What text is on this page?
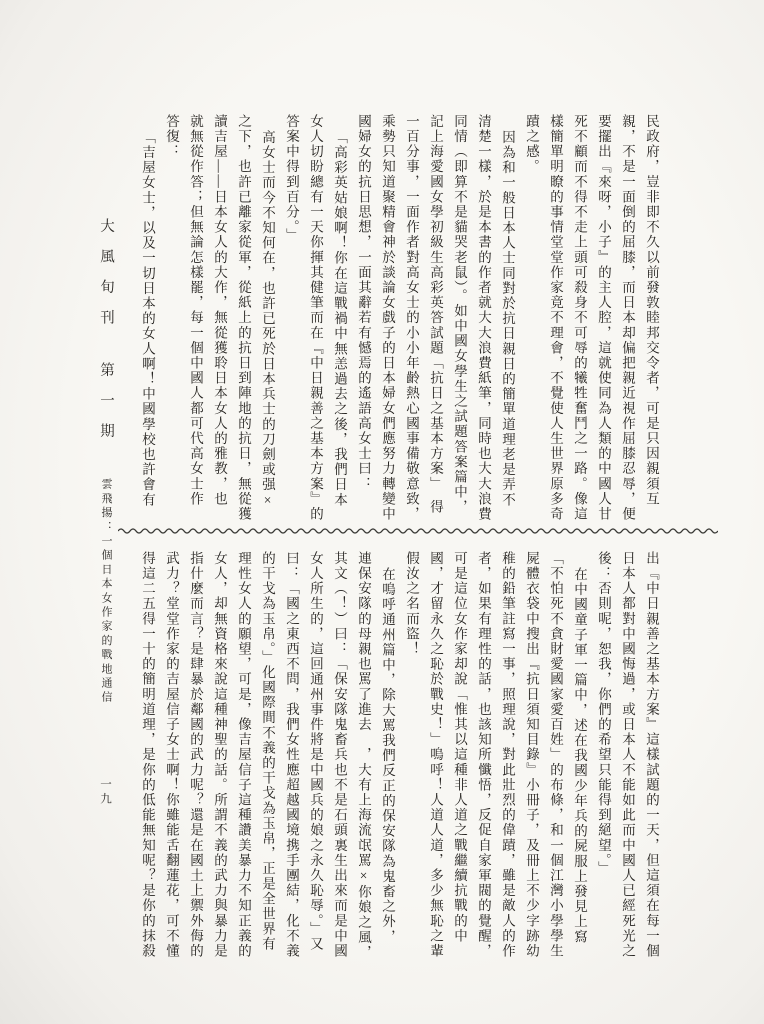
大風旬刊 第一期 雲飛揚：一個日本女作家的戰地通信
一九
民政府，豈非即不久以前發敦睦邦交令者，可是只因親須互
親，不是一面倒的屈膝，而日本却偏把親近視作屈膝忍辱，便
要擺出『來呀，小子』的主人腔，這就使同為人類的中國人甘
死不顧而不得不走上頭可殺身不可辱的犧牲奮鬥之一路。像這
樣簡單明瞭的事情堂堂作家竟不理會，不覺使人生世界原多奇
蹟之感。
因為和一般日本人士同對於抗日親日的簡單道理老是弄不
清楚一樣，於是本書的作者就大大浪費紙筆，同時也大大浪費
同情（即算不是貓哭老鼠）。如中國女學生之試題答案篇中，
記上海愛國女學初級生高彩英答試題「抗日之基本方案」　得
一百分事，一面作者對高女士的小小年齡熱心國事備敬意致，
乘勢只知道聚精會神於談論女戲子的日本婦女們應努力轉變中
國婦女的抗日思想，一面其辭若有憾焉的遙語高女士曰：
「高彩英姑娘啊！你在這戰禍中無恙過去之後，我們日本
女人切盼總有一天你揮其健筆而在『中日親善之基本方案』的
答案中得到百分。」
高女士而今不知何在，也許已死於日本兵士的刀劍或强×
之下，也許已離家從軍，從紙上的抗日到陣地的抗日，無從獲
讀吉屋——日本女人的大作，無從獲聆日本女人的雅教，也
就無從作答；但無論怎樣罷，每一個中國人都可代高女士作
答復：
「吉屋女士，以及一切日本的女人啊！中國學校也許會有
出『中日親善之基本方案』這樣試題的一天，但這須在每一個
日本人都對中國悔過，或日本人不能如此而中國人已經死光之
後：否則呢，恕我，你們的希望只能得到絕望。」
在中國童子軍一篇中，述在我國少年兵的屍服上發見上寫
「不怕死不貪財愛國家愛百姓」的布條，和一個江灣小學學生
屍體衣袋中搜出『抗日須知目錄』小冊子，及冊上不少字跡幼
稚的鉛筆註寫一事，照理說，對此壯烈的偉蹟，雖是敵人的作
者，如果有理性的話，也該知所懺悟，反促自家軍閥的覺醒，
可是這位女作家却說「惟其以這種非人道之戰繼續抗戰的中
國，才留永久之恥於戰史！」嗚呼！人道人道，多少無恥之輩
假汝之名而盜！
在嗚呼通州篇中，除大罵我們反正的保安隊為鬼畜之外，
連保安隊的母親也罵了進去　，大有上海流氓罵×你娘之風，
其文（！）曰：「保安隊鬼畜兵也不是石頭裏生出來而是中國
女人所生的，這回通州事件將是中國兵的娘之永久恥辱。」又
曰：「國之東西不問，我們女性應超越國境携手團結，化不義
的干戈為玉帛。」化國際間不義的干戈為玉帛，正是全世界有
理性女人的願望，可是，像吉屋信子這種讚美暴力不知正義的
女人，却無資格來說這種神聖的話。所謂不義的武力與暴力是
指什麼而言？是肆暴於鄰國的武力呢？還是在國土上禦外侮的
武力？堂堂作家的吉屋信子女士啊！你雖能舌翻蓮花，可不懂
得這二五得一十的簡明道理，是你的低能無知呢？是你的抹殺
